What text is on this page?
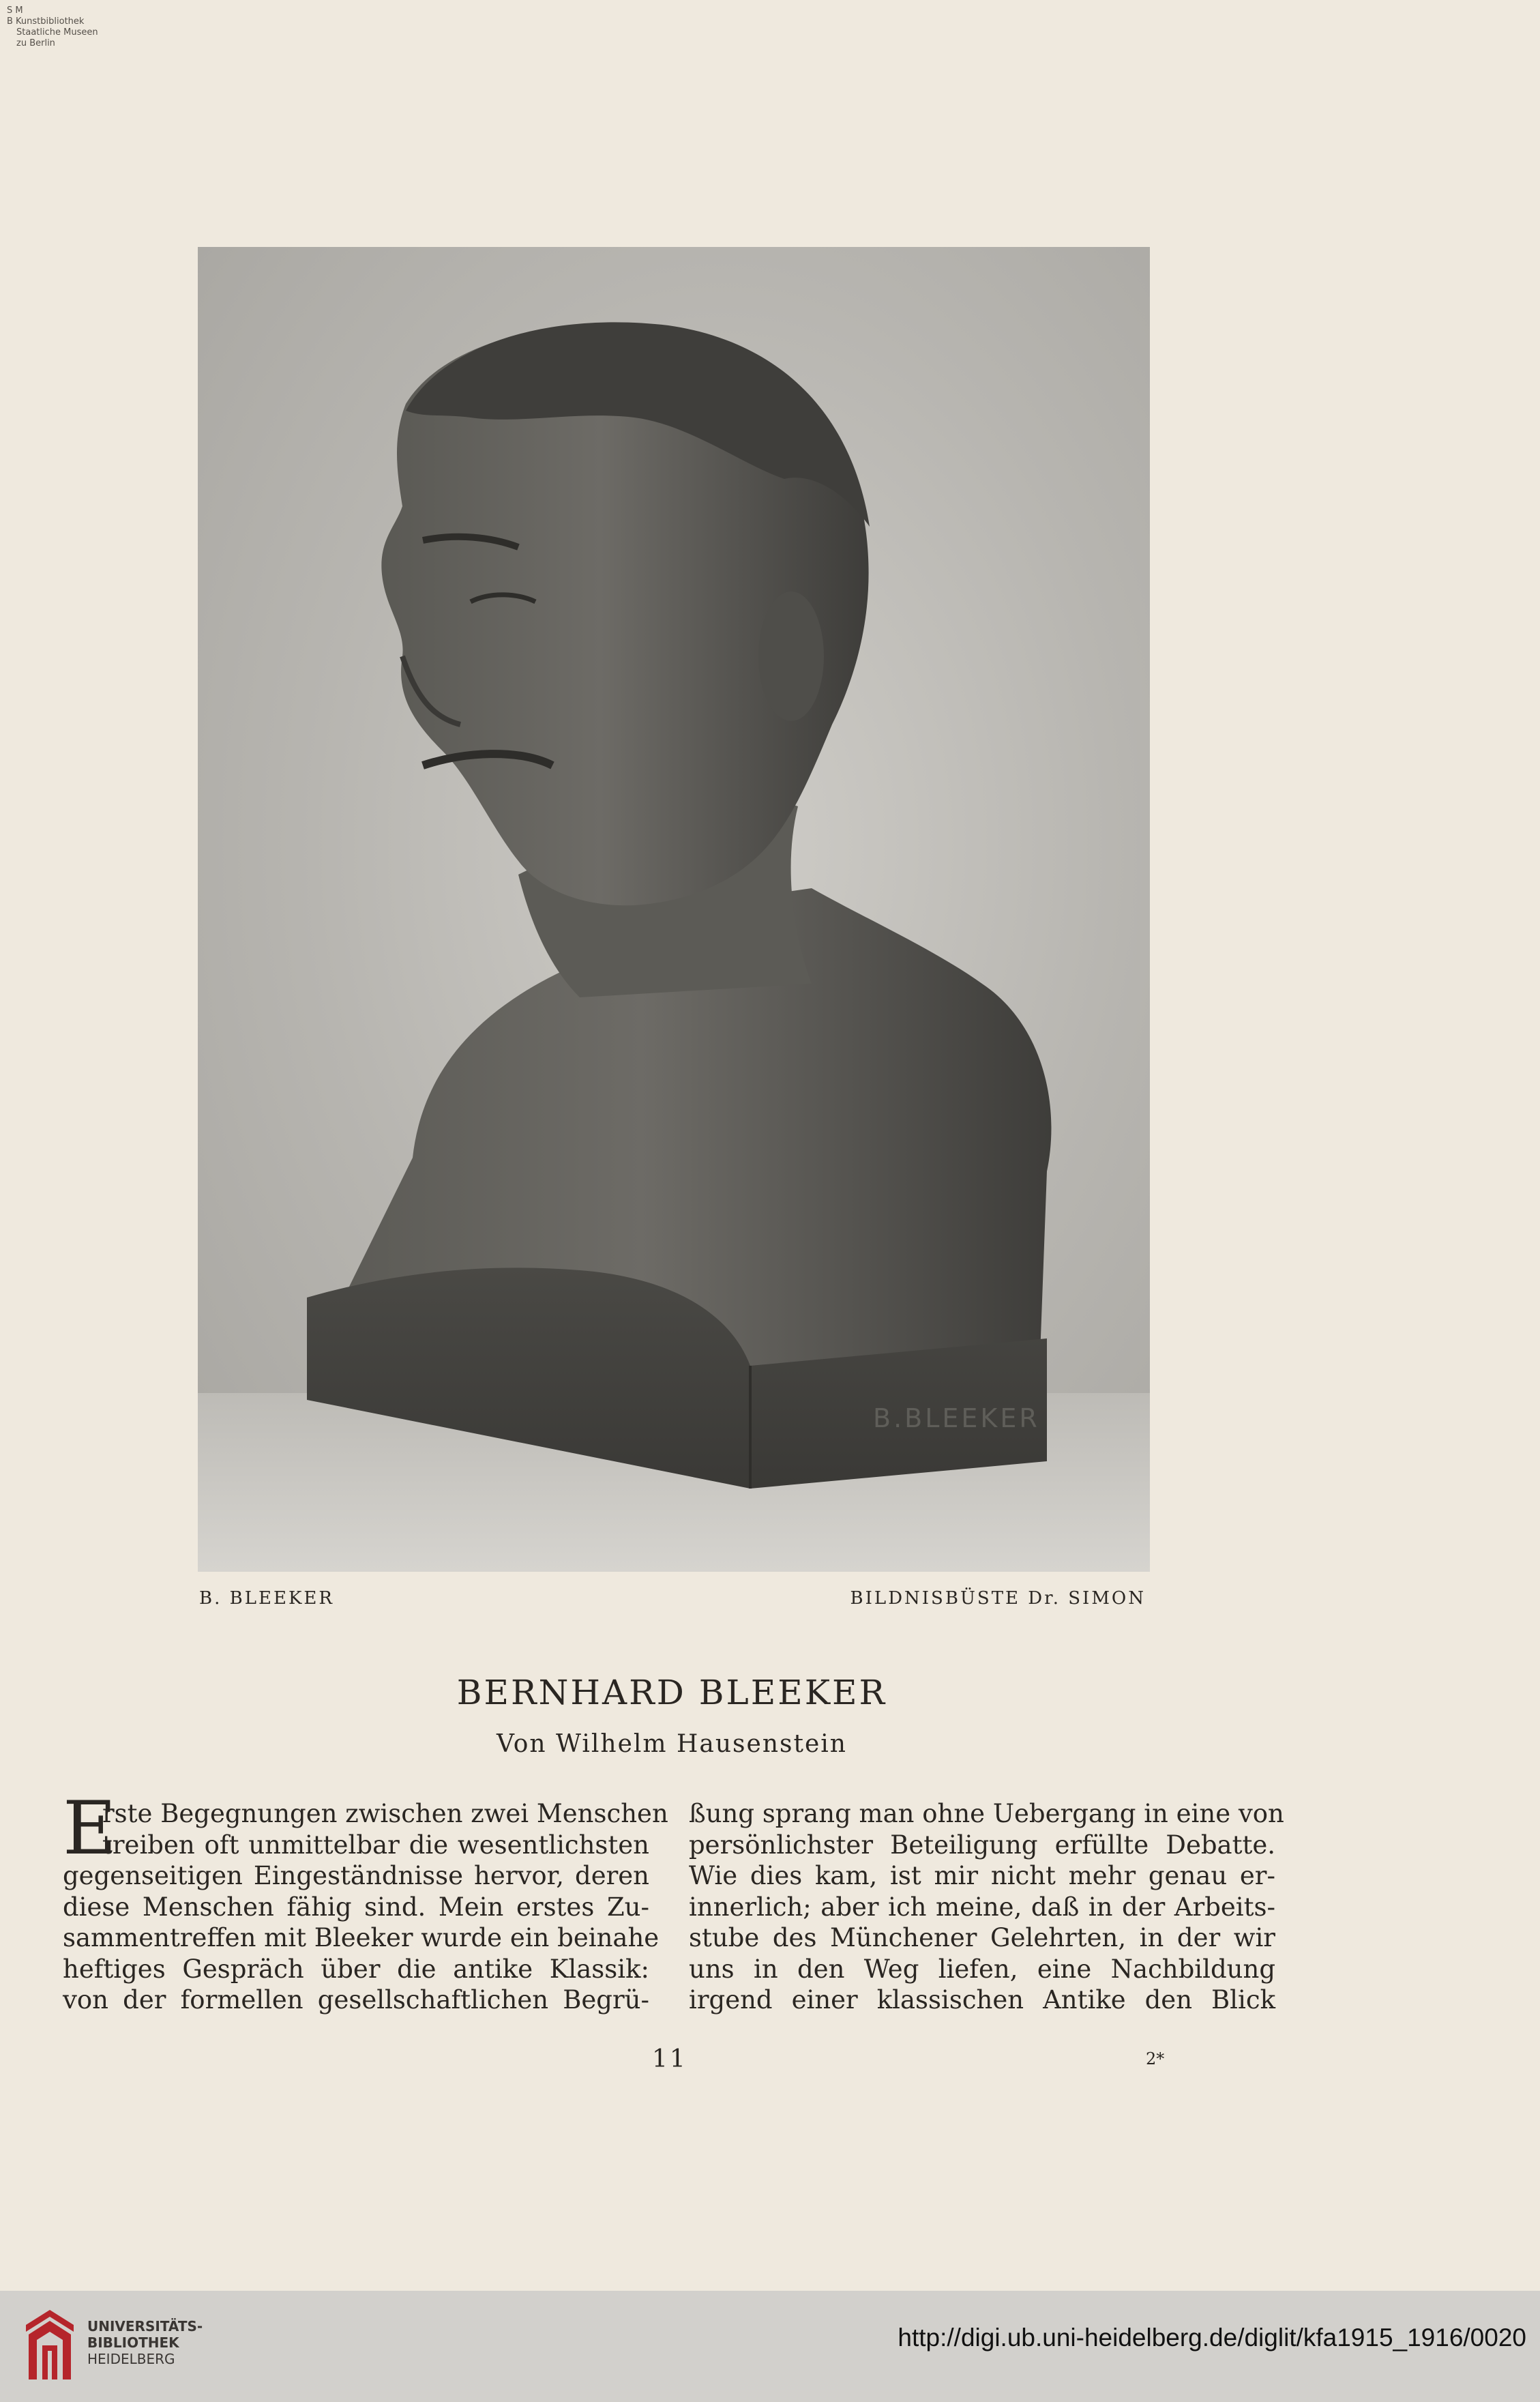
S M
B Kunstbibliothek
Staatliche Museen
zu Berlin
B.BLEEKER
B. BLEEKER	BILDNISBÜSTE Dr. SIMON
BERNHARD BLEEKER
Von Wilhelm Hausenstein
E
rste Begegnungen zwischen zwei Menschen
treiben oft unmittelbar die wesentlichsten
gegenseitigen Eingeständnisse hervor, deren
diese Menschen fähig sind. Mein erstes Zu-
sammentreffen mit Bleeker wurde ein beinahe
heftiges Gespräch über die antike Klassik:
von der formellen gesellschaftlichen Begrü-
ßung sprang man ohne Uebergang in eine von
persönlichster Beteiligung erfüllte Debatte.
Wie dies kam, ist mir nicht mehr genau er-
innerlich; aber ich meine, daß in der Arbeits-
stube des Münchener Gelehrten, in der wir
uns in den Weg liefen, eine Nachbildung
irgend einer klassischen Antike den Blick
11	2*
UNIVERSITÄTS-
BIBLIOTHEK
HEIDELBERG
http://digi.ub.uni-heidelberg.de/diglit/kfa1915_1916/0020
